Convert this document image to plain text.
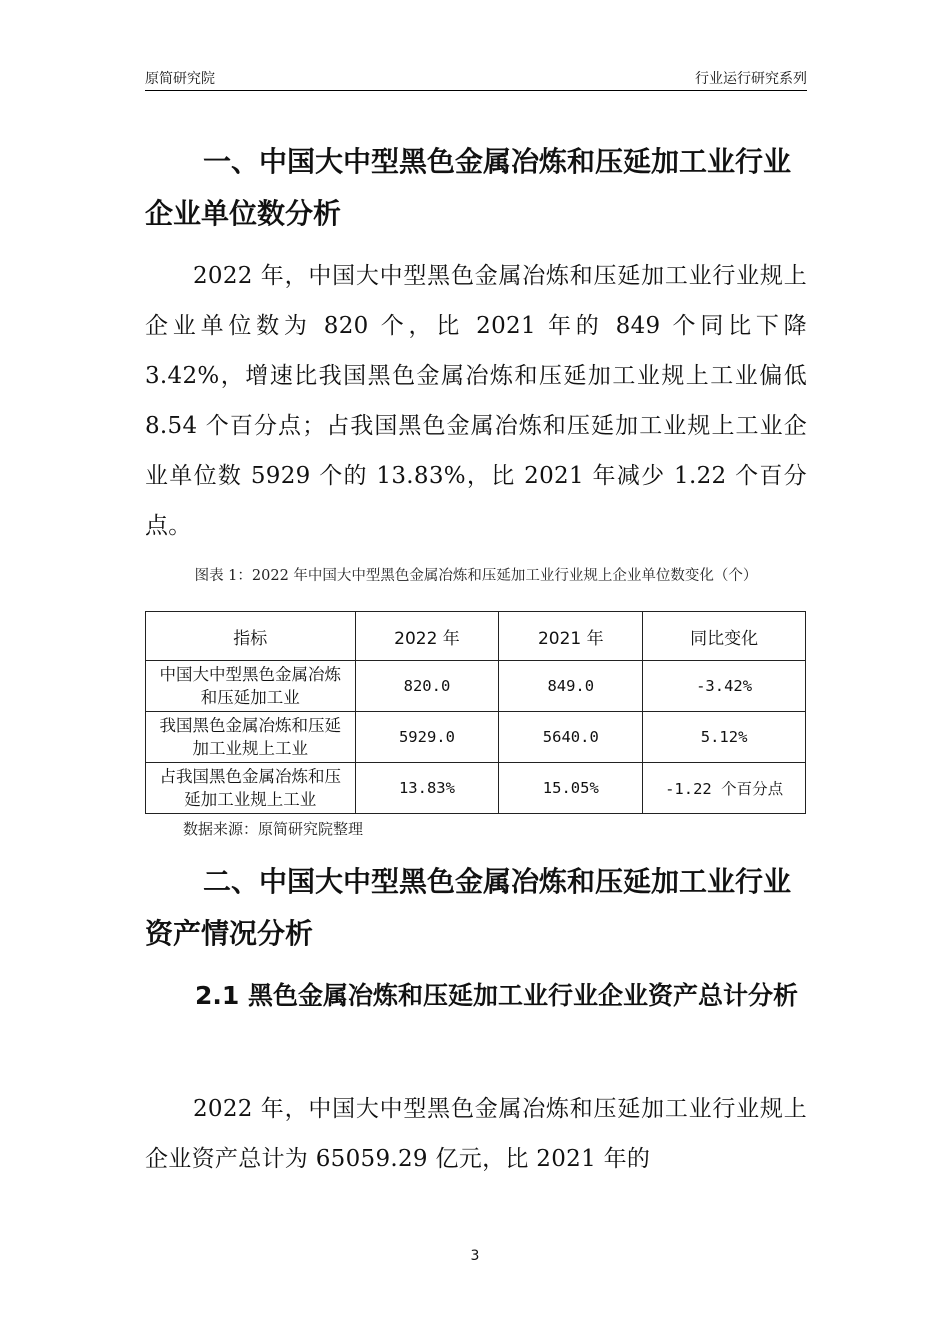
原简研究院	行业运行研究系列

一、中国大中型黑色金属冶炼和压延加工业行业企业单位数分析

2022 年，中国大中型黑色金属冶炼和压延加工业行业规上企业单位数为 820 个，比 2021 年的 849 个同比下降 3.42%，增速比我国黑色金属冶炼和压延加工业规上工业偏低 8.54 个百分点；占我国黑色金属冶炼和压延加工业规上工业企业单位数 5929 个的 13.83%，比 2021 年减少 1.22 个百分点。

图表 1：2022 年中国大中型黑色金属冶炼和压延加工业行业规上企业单位数变化（个）
指标	2022 年	2021 年	同比变化
中国大中型黑色金属冶炼和压延加工业	820.0	849.0	-3.42%
我国黑色金属冶炼和压延加工业规上工业	5929.0	5640.0	5.12%
占我国黑色金属冶炼和压延加工业规上工业	13.83%	15.05%	-1.22 个百分点
数据来源：原简研究院整理

二、中国大中型黑色金属冶炼和压延加工业行业资产情况分析

2.1 黑色金属冶炼和压延加工业行业企业资产总计分析

2022 年，中国大中型黑色金属冶炼和压延加工业行业规上企业资产总计为 65059.29 亿元，比 2021 年的

3
